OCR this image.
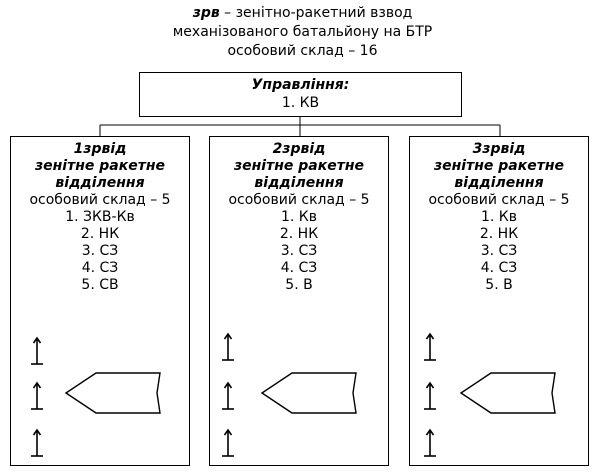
зрв – зенітно-ракетний взвод
механізованого батальйону на БТР
особовий склад – 16
Управління:
1. КВ
1зрвід
зенітне ракетне
відділення
особовий склад – 5
1. ЗКВ-Кв
2. НК
3. СЗ
4. СЗ
5. СВ
2зрвід
зенітне ракетне
відділення
особовий склад – 5
1. Кв
2. НК
3. СЗ
4. СЗ
5. В
3зрвід
зенітне ракетне
відділення
особовий склад – 5
1. Кв
2. НК
3. СЗ
4. СЗ
5. В
